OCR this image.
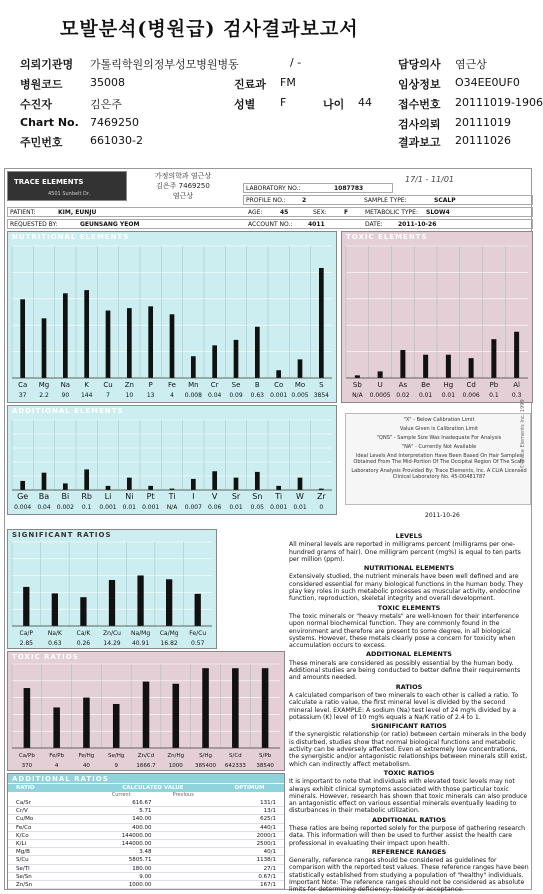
모발분석(병원급) 검사결과보고서
의뢰기관명 가톨릭학원의정부성모병원병동	/ -	담당의사 염근상
병원코드 35008	진료과 FM	임상정보 O34EE0UF0
수진자	김은주	성별 F	나이 44 접수번호 20111019-1906
Chart No. 7469250	검사의뢰 20111019
주민번호 661030-2	결과보고 20111026
TRACE ELEMENTS
4501 Sunbelt Dr.
가정의학과 염근상
김은주 7469250
염근상
17/1 - 11/01
LABORATORY NO.:	1087783
PROFILE NO.:	2	SAMPLE TYPE:	SCALP
PATIENT:	KIM, EUNJU	AGE:	45	SEX:	F	METABOLIC TYPE: SLOW4
REQUESTED BY:	GEUNSANG YEOM	ACCOUNT NO.:	4011	DATE:	2011-10-26
NUTRITIONAL ELEMENTS
Ca
37
Mg
2.2
Na
90
K
144
Cu
7
Zn
10
P
13
Fe
4
Mn
0.008
Cr
0.04
Se
0.09
B
0.63
Co
0.001
Mo
0.005
S
3854
TOXIC ELEMENTS
Sb
N/A
U
0.0005
As
0.02
Be
0.01
Hg
0.01
Cd
0.006
Pb
0.1
Al
0.3
ADDITIONAL ELEMENTS
Ge
0.004
Ba
0.04
Bi
0.002
Rb
0.1
Li
0.001
Ni
0.01
Pt
0.001
Ti
N/A
I
0.007
V
0.06
Sr
0.01
Sn
0.05
Ti
0.001
W
0.01
Zr
0
"X" - Below Calibration Limit
Value Given is Calibration Limit
"QNS" - Sample Size Was Inadequate For Analysis
"NA" - Currently Not Available
Ideal Levels And Interpretation Have Been Based On Hair Samples Obtained From The Mid-Portion Of The Occipital Region Of The Scalp
Laboratory Analysis Provided By: Trace Elements, Inc. A CLIA Licensed Clinical Laboratory No. 45-D0481787
2011-10-26
© Trace Elements Inc. 1999
SIGNIFICANT RATIOS
Ca/P
2.85
Na/K
0.63
Ca/K
0.26
Zn/Cu
14.29
Na/Mg
40.91
Ca/Mg
16.82
Fe/Cu
0.57
TOXIC RATIOS
Ca/Pb
370
Fe/Pb
4
Fe/Hg
40
Se/Hg
9
Zn/Cd
1666.7
Zn/Hg
1000
S/Hg
385400
S/Cd
642333
S/Pb
38540
ADDITIONAL RATIOS
RATIO	CALCULATED VALUE	OPTIMUM
Current	Previous
Ca/Sr	616.67	131/1
Cr/V	5.71	13/1
Cu/Mo	140.00	625/1
Fe/Co	400.00	440/1
K/Co	144000.00	2000/1
K/Li	144000.00	2500/1
Mg/B	3.48	40/1
S/Cu	5805.71	1138/1
Se/Tl	180.00	27/1
Se/Sn	9.00	0.67/1
Zn/Sn	1000.00	167/1
LEVELS
All mineral levels are reported in milligrams percent (milligrams per one-hundred grams of hair). One milligram percent (mg%) is equal to ten parts per million (ppm).
NUTRITIONAL ELEMENTS
Extensively studied, the nutrient minerals have been well defined and are considered essential for many biological functions in the human body. They play key roles in such metabolic processes as muscular activity, endocrine function, reproduction, skeletal integrity and overall development.
TOXIC ELEMENTS
The toxic minerals or "heavy metals" are well-known for their interference upon normal biochemical function. They are commonly found in the environment and therefore are present to some degree, in all biological systems. However, these metals clearly pose a concern for toxicity when accumulation occurs to excess.
ADDITIONAL ELEMENTS
These minerals are considered as possibly essential by the human body. Additional studies are being conducted to better define their requirements and amounts needed.
RATIOS
A calculated comparison of two minerals to each other is called a ratio. To calculate a ratio value, the first mineral level is divided by the second mineral level. EXAMPLE: A sodium (Na) test level of 24 mg% divided by a potassium (K) level of 10 mg% equals a Na/K ratio of 2.4 to 1.
SIGNIFICANT RATIOS
If the synergistic relationship (or ratio) between certain minerals in the body is disturbed, studies show that normal biological functions and metabolic activity can be adversely affected. Even at extremely low concentrations, the synergistic and/or antagonistic relationships between minerals still exist, which can indirectly affect metabolism.
TOXIC RATIOS
It is important to note that individuals with elevated toxic levels may not always exhibit clinical symptoms associated with those particular toxic minerals. However, research has shown that toxic minerals can also produce an antagonistic effect on various essential minerals eventually leading to disturbances in their metabolic utilization.
ADDITIONAL RATIOS
These ratios are being reported solely for the purpose of gathering research data. This information will then be used to further assist the health care professional in evaluating their impact upon health.
REFERENCE RANGES
Generally, reference ranges should be considered as guidelines for comparison with the reported test values. These reference ranges have been statistically established from studying a population of "healthy" individuals.
Important Note: The reference ranges should not be considered as absolute limits for determining deficiency, toxicity or acceptance.
